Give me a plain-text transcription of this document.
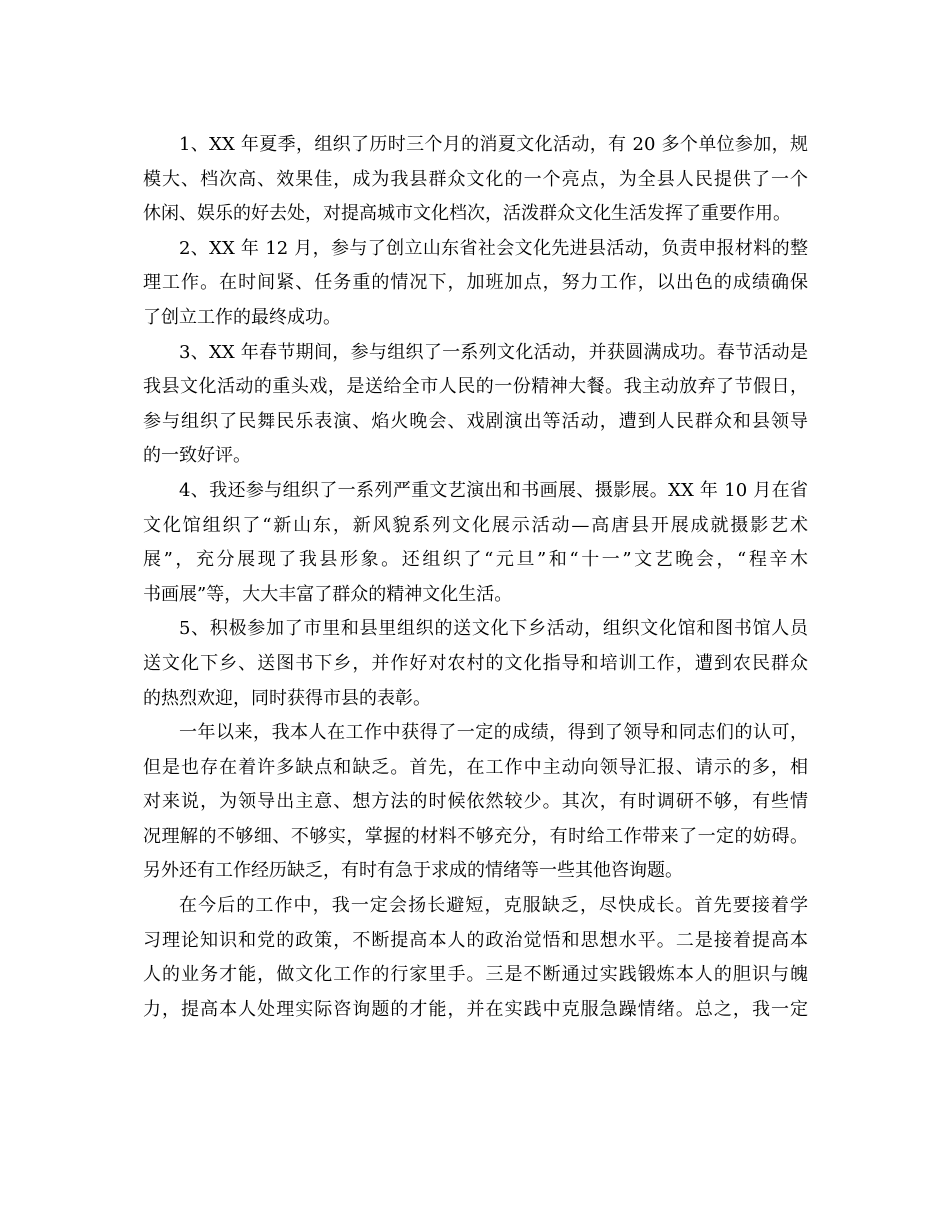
1、XX 年夏季，组织了历时三个月的消夏文化活动，有 20 多个单位参加，规
模大、档次高、效果佳，成为我县群众文化的一个亮点，为全县人民提供了一个
休闲、娱乐的好去处，对提高城市文化档次，活泼群众文化生活发挥了重要作用。
2、XX 年 12 月，参与了创立山东省社会文化先进县活动，负责申报材料的整
理工作。在时间紧、任务重的情况下，加班加点，努力工作，以出色的成绩确保
了创立工作的最终成功。
3、XX 年春节期间，参与组织了一系列文化活动，并获圆满成功。春节活动是
我县文化活动的重头戏，是送给全市人民的一份精神大餐。我主动放弃了节假日，
参与组织了民舞民乐表演、焰火晚会、戏剧演出等活动，遭到人民群众和县领导
的一致好评。
4、我还参与组织了一系列严重文艺演出和书画展、摄影展。XX 年 10 月在省
文化馆组织了“新山东，新风貌系列文化展示活动—高唐县开展成就摄影艺术
展”，充分展现了我县形象。还组织了“元旦”和“十一”文艺晚会，“程辛木
书画展”等，大大丰富了群众的精神文化生活。
5、积极参加了市里和县里组织的送文化下乡活动，组织文化馆和图书馆人员
送文化下乡、送图书下乡，并作好对农村的文化指导和培训工作，遭到农民群众
的热烈欢迎，同时获得市县的表彰。
一年以来，我本人在工作中获得了一定的成绩，得到了领导和同志们的认可，
但是也存在着许多缺点和缺乏。首先，在工作中主动向领导汇报、请示的多，相
对来说，为领导出主意、想方法的时候依然较少。其次，有时调研不够，有些情
况理解的不够细、不够实，掌握的材料不够充分，有时给工作带来了一定的妨碍。
另外还有工作经历缺乏，有时有急于求成的情绪等一些其他咨询题。
在今后的工作中，我一定会扬长避短，克服缺乏，尽快成长。首先要接着学
习理论知识和党的政策，不断提高本人的政治觉悟和思想水平。二是接着提高本
人的业务才能，做文化工作的行家里手。三是不断通过实践锻炼本人的胆识与魄
力，提高本人处理实际咨询题的才能，并在实践中克服急躁情绪。总之，我一定
